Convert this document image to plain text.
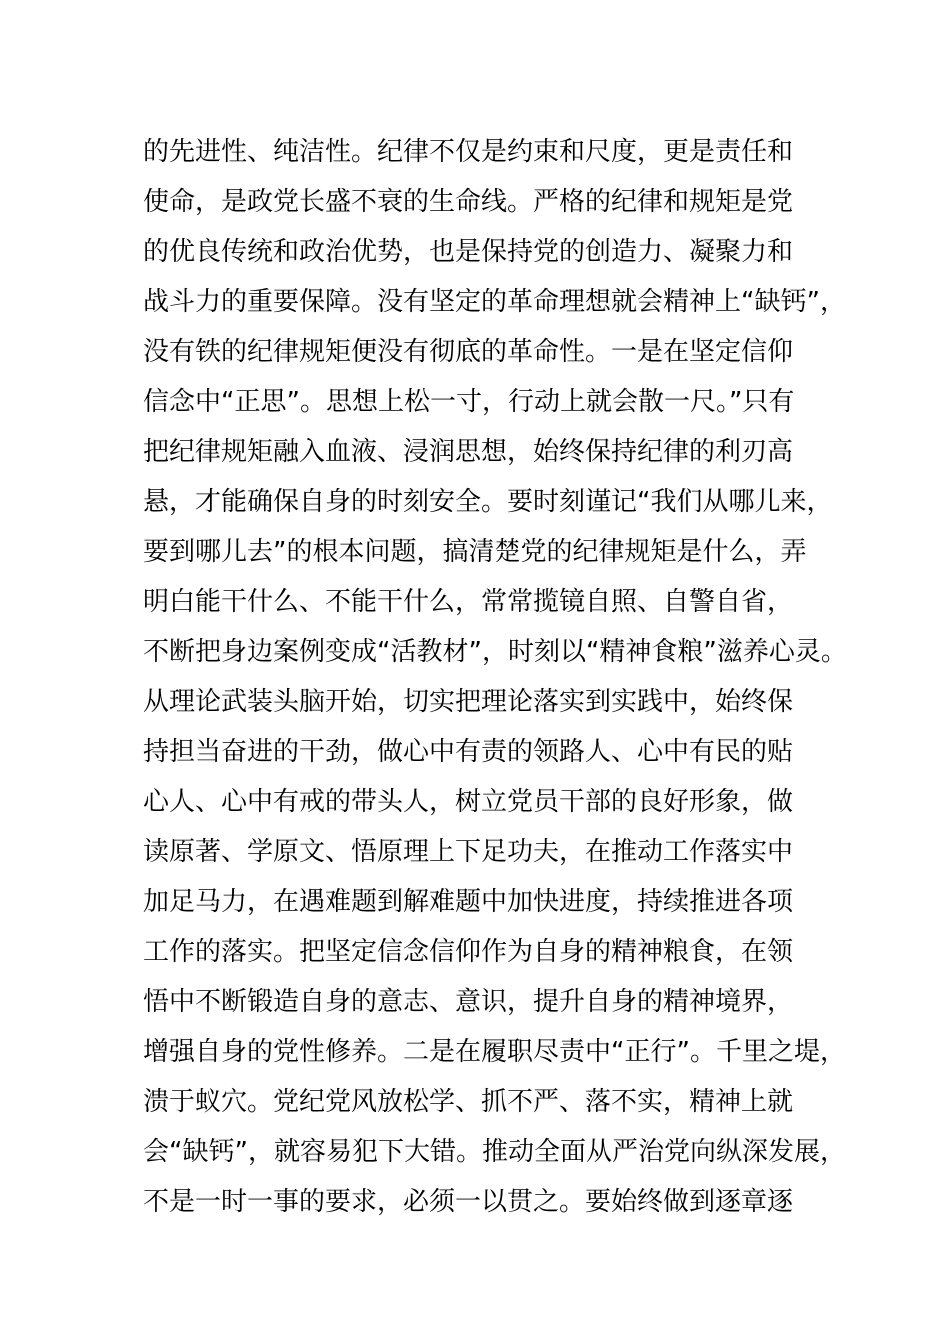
的先进性、纯洁性。纪律不仅是约束和尺度，更是责任和
使命，是政党长盛不衰的生命线。严格的纪律和规矩是党
的优良传统和政治优势，也是保持党的创造力、凝聚力和
战斗力的重要保障。没有坚定的革命理想就会精神上“缺钙”，
没有铁的纪律规矩便没有彻底的革命性。一是在坚定信仰
信念中“正思”。思想上松一寸，行动上就会散一尺。”只有
把纪律规矩融入血液、浸润思想，始终保持纪律的利刃高
悬，才能确保自身的时刻安全。要时刻谨记“我们从哪儿来，
要到哪儿去”的根本问题，搞清楚党的纪律规矩是什么，弄
明白能干什么、不能干什么，常常揽镜自照、自警自省，
不断把身边案例变成“活教材”，时刻以“精神食粮”滋养心灵。
从理论武装头脑开始，切实把理论落实到实践中，始终保
持担当奋进的干劲，做心中有责的领路人、心中有民的贴
心人、心中有戒的带头人，树立党员干部的良好形象，做
读原著、学原文、悟原理上下足功夫，在推动工作落实中
加足马力，在遇难题到解难题中加快进度，持续推进各项
工作的落实。把坚定信念信仰作为自身的精神粮食，在领
悟中不断锻造自身的意志、意识，提升自身的精神境界，
增强自身的党性修养。二是在履职尽责中“正行”。千里之堤，
溃于蚁穴。党纪党风放松学、抓不严、落不实，精神上就
会“缺钙”，就容易犯下大错。推动全面从严治党向纵深发展，
不是一时一事的要求，必须一以贯之。要始终做到逐章逐
